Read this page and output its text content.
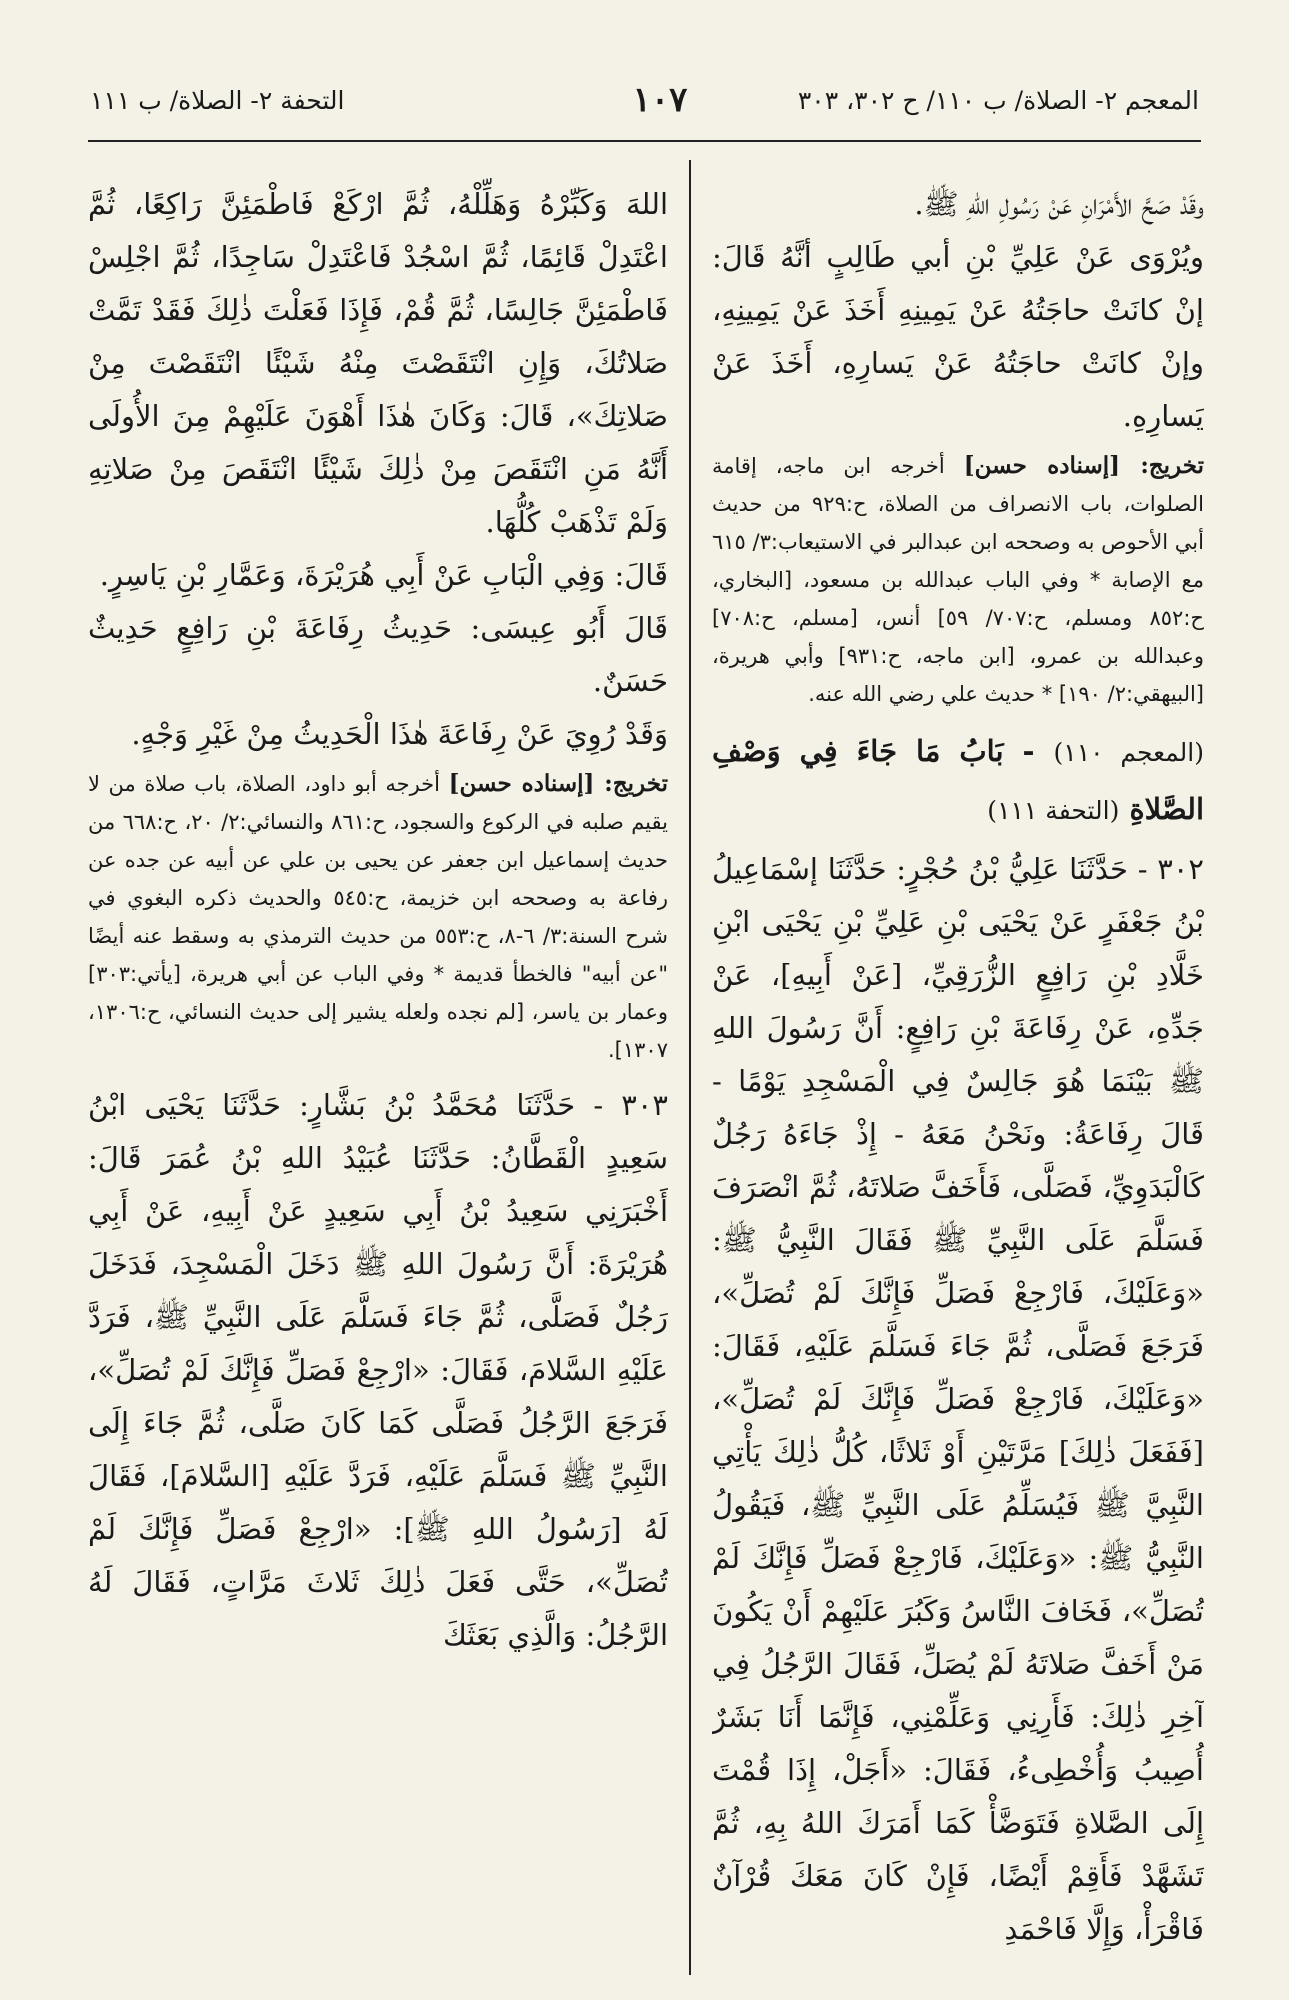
المعجم ٢- الصلاة/ ب ١١٠/ ح ٣٠٢، ٣٠٣
١٠٧
التحفة ٢- الصلاة/ ب ١١١

وقَدْ صَحَّ الأَمْرَانِ عَنْ رَسُولِ اللهِ ﷺ.

ويُرْوَى عَنْ عَلِيِّ بْنِ أبي طَالِبٍ أنَّهُ قَالَ: إنْ كانَتْ حاجَتُهُ عَنْ يَمِينِهِ أَخَذَ عَنْ يَمِينِهِ، وإنْ كانَتْ حاجَتُهُ عَنْ يَسارِهِ، أَخَذَ عَنْ يَسارِهِ.

تخريج: [إسناده حسن] أخرجه ابن ماجه، إقامة الصلوات، باب الانصراف من الصلاة، ح:٩٢٩ من حديث أبي الأحوص به وصححه ابن عبدالبر في الاستيعاب:٣/ ٦١٥ مع الإصابة * وفي الباب عبدالله بن مسعود، [البخاري، ح:٨٥٢ ومسلم، ح:٧٠٧/ ٥٩] أنس، [مسلم، ح:٧٠٨] وعبدالله بن عمرو، [ابن ماجه، ح:٩٣١] وأبي هريرة، [البيهقي:٢/ ١٩٠] * حديث علي رضي الله عنه.

(المعجم ١١٠) - بَابُ مَا جَاءَ فِي وَصْفِ الصَّلاةِ (التحفة ١١١)

٣٠٢ - حَدَّثَنَا عَلِيُّ بْنُ حُجْرٍ: حَدَّثَنَا إسْمَاعِيلُ بْنُ جَعْفَرٍ عَنْ يَحْيَى بْنِ عَلِيِّ بْنِ يَحْيَى ابْنِ خَلَّادِ بْنِ رَافِعٍ الزُّرَقِيِّ، [عَنْ أَبِيهِ]، عَنْ جَدِّهِ، عَنْ رِفَاعَةَ بْنِ رَافِعٍ: أَنَّ رَسُولَ اللهِ ﷺ بَيْنَمَا هُوَ جَالِسٌ فِي الْمَسْجِدِ يَوْمًا - قَالَ رِفَاعَةُ: ونَحْنُ مَعَهُ - إِذْ جَاءَهُ رَجُلٌ كَالْبَدَوِيِّ، فَصَلَّى، فَأَخَفَّ صَلاتَهُ، ثُمَّ انْصَرَفَ فَسَلَّمَ عَلَى النَّبِيِّ ﷺ فَقَالَ النَّبِيُّ ﷺ: «وَعَلَيْكَ، فَارْجِعْ فَصَلِّ فَإِنَّكَ لَمْ تُصَلِّ»، فَرَجَعَ فَصَلَّى، ثُمَّ جَاءَ فَسَلَّمَ عَلَيْهِ، فَقَالَ: «وَعَلَيْكَ، فَارْجِعْ فَصَلِّ فَإِنَّكَ لَمْ تُصَلِّ»، [فَفَعَلَ ذٰلِكَ] مَرَّتَيْنِ أَوْ ثَلاثًا، كُلُّ ذٰلِكَ يَأْتِي النَّبِيَّ ﷺ فَيُسَلِّمُ عَلَى النَّبِيِّ ﷺ، فَيَقُولُ النَّبِيُّ ﷺ: «وَعَلَيْكَ، فَارْجِعْ فَصَلِّ فَإِنَّكَ لَمْ تُصَلِّ»، فَخَافَ النَّاسُ وَكَبُرَ عَلَيْهِمْ أَنْ يَكُونَ مَنْ أَخَفَّ صَلاتَهُ لَمْ يُصَلِّ، فَقَالَ الرَّجُلُ فِي آخِرِ ذٰلِكَ: فَأَرِنِي وَعَلِّمْنِي، فَإِنَّمَا أَنَا بَشَرٌ أُصِيبُ وَأُخْطِىءُ، فَقَالَ: «أَجَلْ، إِذَا قُمْتَ إِلَى الصَّلاةِ فَتَوَضَّأْ كَمَا أَمَرَكَ اللهُ بِهِ، ثُمَّ تَشَهَّدْ فَأَقِمْ أَيْضًا، فَإِنْ كَانَ مَعَكَ قُرْآنٌ فَاقْرَأْ، وَإِلَّا فَاحْمَدِ

اللهَ وَكَبِّرْهُ وَهَلِّلْهُ، ثُمَّ ارْكَعْ فَاطْمَئِنَّ رَاكِعًا، ثُمَّ اعْتَدِلْ قَائِمًا، ثُمَّ اسْجُدْ فَاعْتَدِلْ سَاجِدًا، ثُمَّ اجْلِسْ فَاطْمَئِنَّ جَالِسًا، ثُمَّ قُمْ، فَإِذَا فَعَلْتَ ذٰلِكَ فَقَدْ تَمَّتْ صَلاتُكَ، وَإِنِ انْتَقَصْتَ مِنْهُ شَيْئًا انْتَقَصْتَ مِنْ صَلاتِكَ»، قَالَ: وَكَانَ هٰذَا أَهْوَنَ عَلَيْهِمْ مِنَ الأُولَى أَنَّهُ مَنِ انْتَقَصَ مِنْ ذٰلِكَ شَيْئًا انْتَقَصَ مِنْ صَلاتِهِ وَلَمْ تَذْهَبْ كُلُّهَا.

قَالَ: وَفِي الْبَابِ عَنْ أَبِي هُرَيْرَةَ، وَعَمَّارِ بْنِ يَاسِرٍ.

قَالَ أَبُو عِيسَى: حَدِيثُ رِفَاعَةَ بْنِ رَافِعٍ حَدِيثٌ حَسَنٌ.

وَقَدْ رُوِيَ عَنْ رِفَاعَةَ هٰذَا الْحَدِيثُ مِنْ غَيْرِ وَجْهٍ.

تخريج: [إسناده حسن] أخرجه أبو داود، الصلاة، باب صلاة من لا يقيم صلبه في الركوع والسجود، ح:٨٦١ والنسائي:٢/ ٢٠، ح:٦٦٨ من حديث إسماعيل ابن جعفر عن يحيى بن علي عن أبيه عن جده عن رفاعة به وصححه ابن خزيمة، ح:٥٤٥ والحديث ذكره البغوي في شرح السنة:٣/ ٦-٨، ح:٥٥٣ من حديث الترمذي به وسقط عنه أيضًا "عن أبيه" فالخطأ قديمة * وفي الباب عن أبي هريرة، [يأتي:٣٠٣] وعمار بن ياسر، [لم نجده ولعله يشير إلى حديث النسائي، ح:١٣٠٦، ١٣٠٧].

٣٠٣ - حَدَّثَنَا مُحَمَّدُ بْنُ بَشَّارٍ: حَدَّثَنَا يَحْيَى ابْنُ سَعِيدٍ الْقَطَّانُ: حَدَّثَنَا عُبَيْدُ اللهِ بْنُ عُمَرَ قَالَ: أَخْبَرَنِي سَعِيدُ بْنُ أَبِي سَعِيدٍ عَنْ أَبِيهِ، عَنْ أَبِي هُرَيْرَةَ: أَنَّ رَسُولَ اللهِ ﷺ دَخَلَ الْمَسْجِدَ، فَدَخَلَ رَجُلٌ فَصَلَّى، ثُمَّ جَاءَ فَسَلَّمَ عَلَى النَّبِيِّ ﷺ، فَرَدَّ عَلَيْهِ السَّلامَ، فَقَالَ: «ارْجِعْ فَصَلِّ فَإِنَّكَ لَمْ تُصَلِّ»، فَرَجَعَ الرَّجُلُ فَصَلَّى كَمَا كَانَ صَلَّى، ثُمَّ جَاءَ إِلَى النَّبِيِّ ﷺ فَسَلَّمَ عَلَيْهِ، فَرَدَّ عَلَيْهِ [السَّلامَ]، فَقَالَ لَهُ [رَسُولُ اللهِ ﷺ]: «ارْجِعْ فَصَلِّ فَإِنَّكَ لَمْ تُصَلِّ»، حَتَّى فَعَلَ ذٰلِكَ ثَلاثَ مَرَّاتٍ، فَقَالَ لَهُ الرَّجُلُ: وَالَّذِي بَعَثَكَ
